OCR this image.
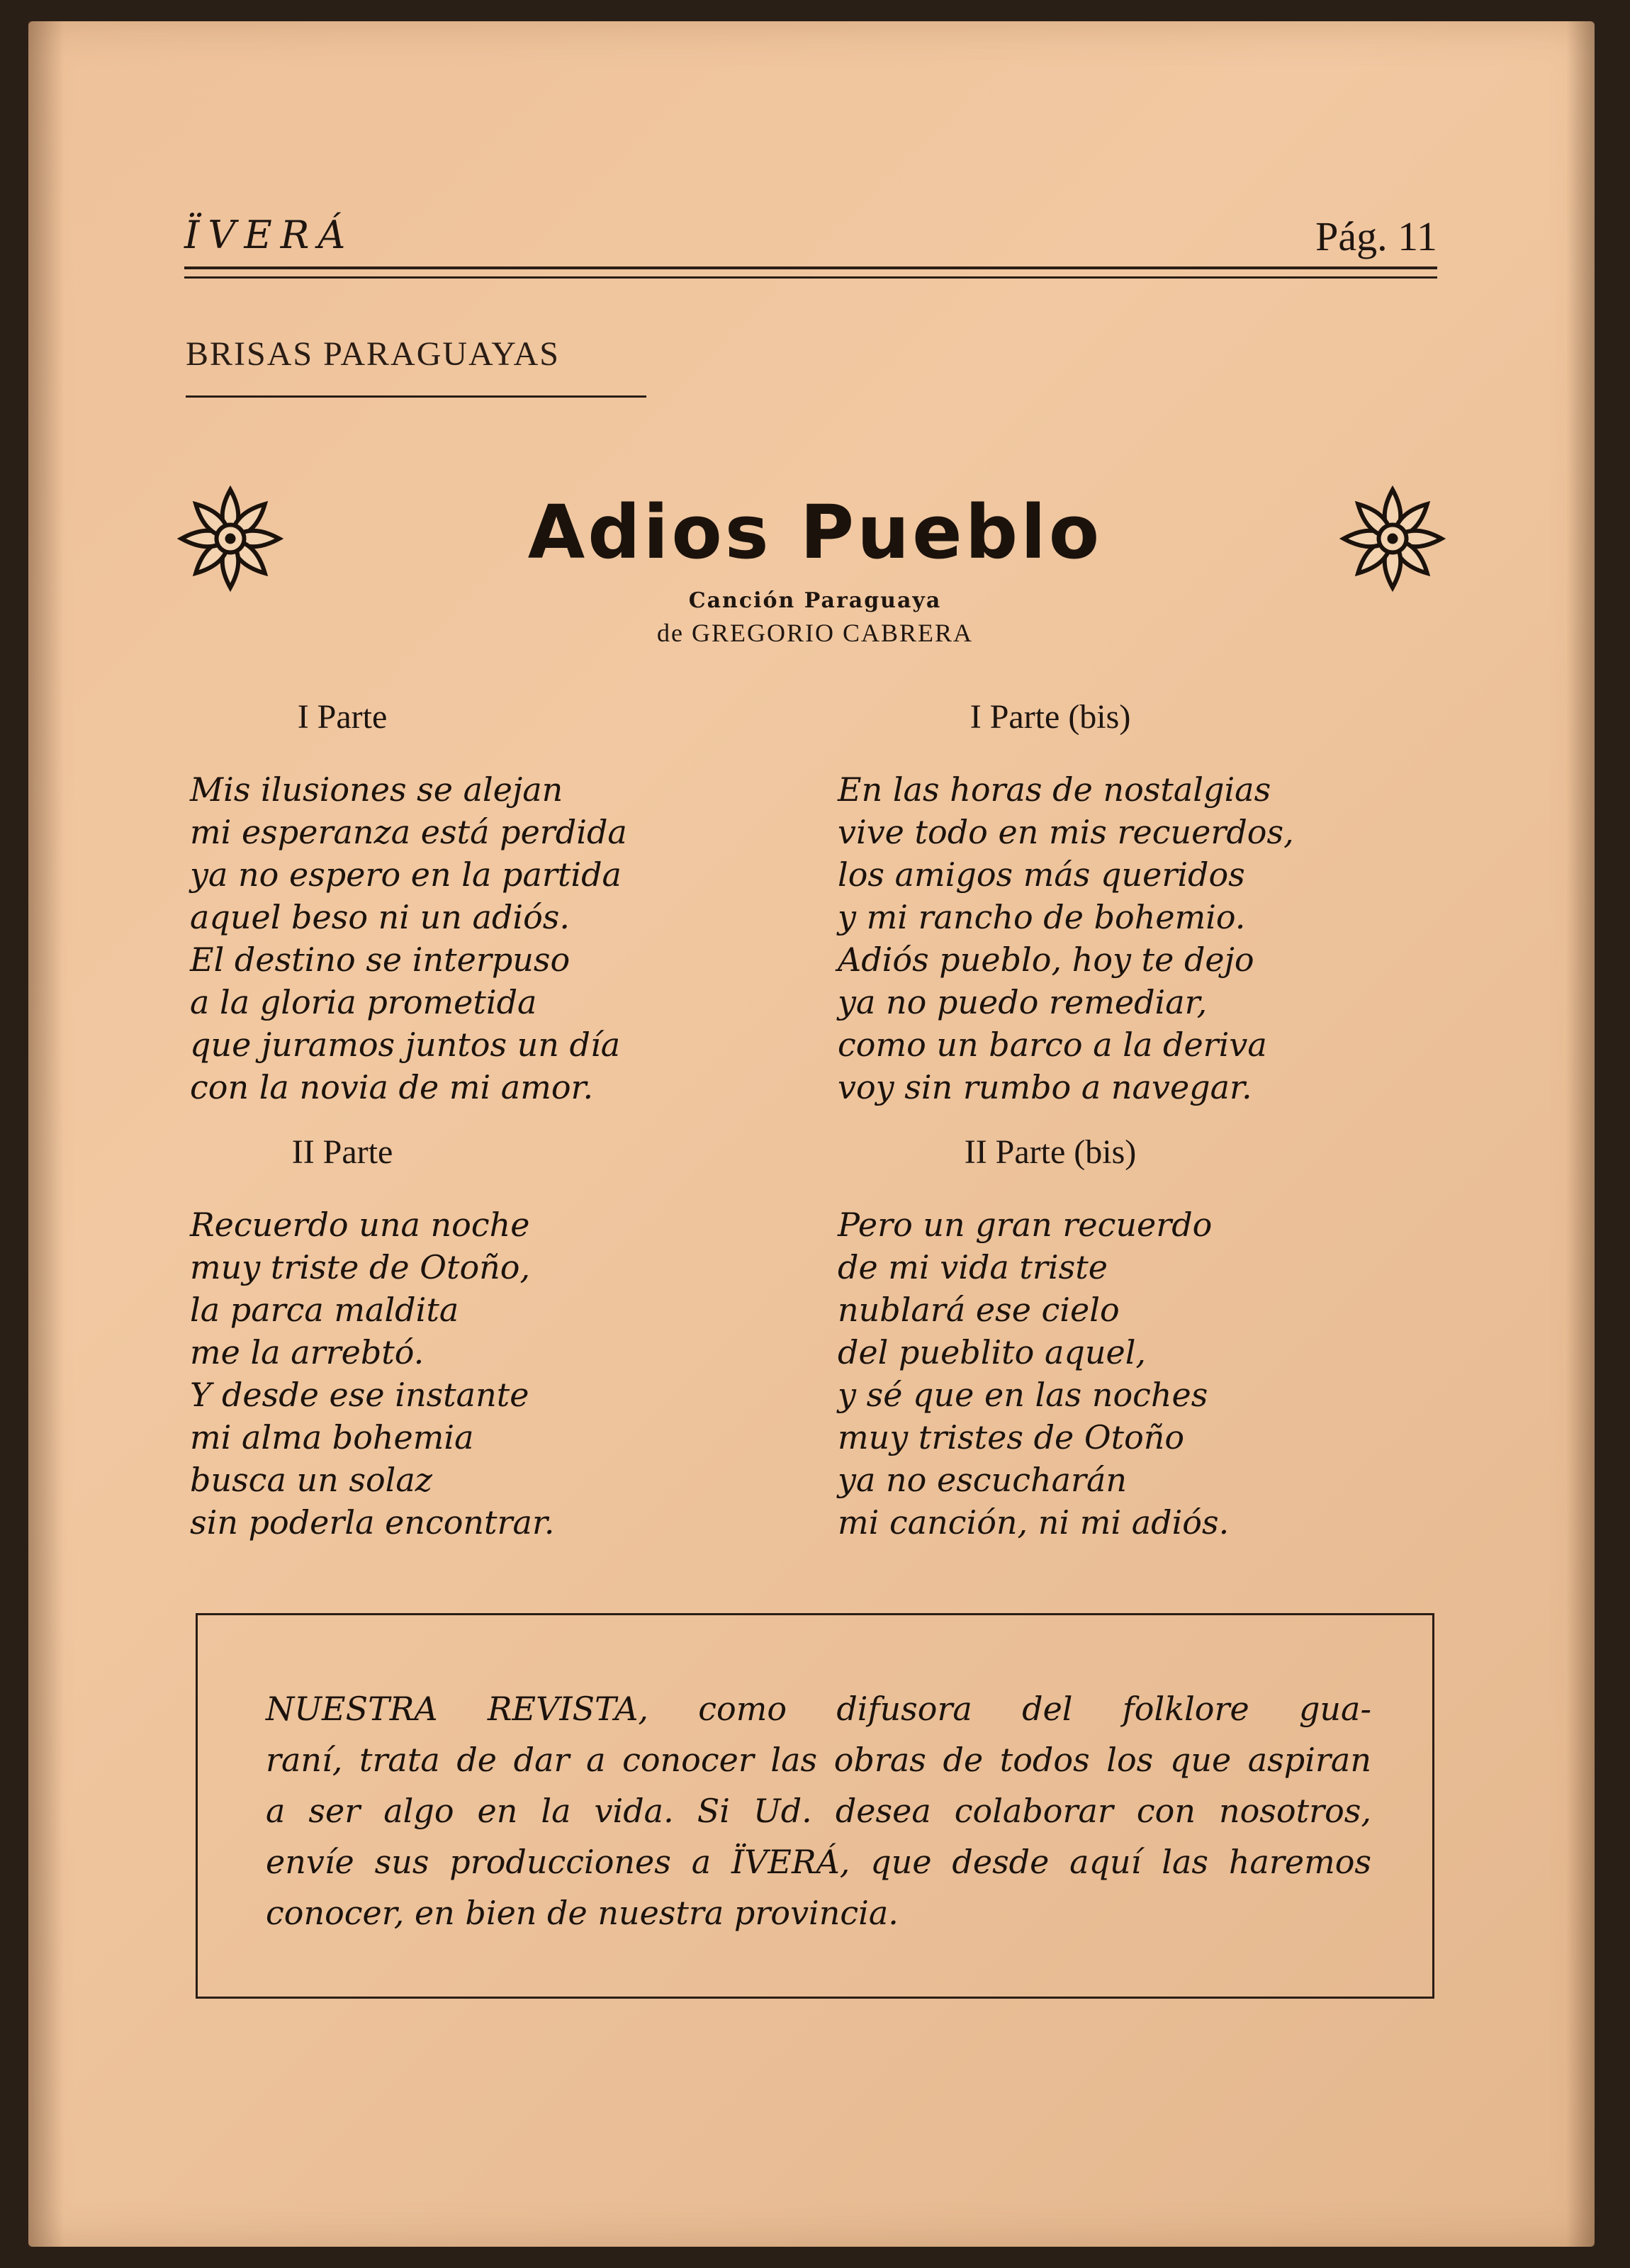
ÏVERÁ	Pág. 11
BRISAS PARAGUAYAS
Adios Pueblo
Canción Paraguaya
de GREGORIO CABRERA
I Parte
Mis ilusiones se alejan
mi esperanza está perdida
ya no espero en la partida
aquel beso ni un adiós.
El destino se interpuso
a la gloria prometida
que juramos juntos un día
con la novia de mi amor.
II Parte
Recuerdo una noche
muy triste de Otoño,
la parca maldita
me la arrebtó.
Y desde ese instante
mi alma bohemia
busca un solaz
sin poderla encontrar.
I Parte (bis)
En las horas de nostalgias
vive todo en mis recuerdos,
los amigos más queridos
y mi rancho de bohemio.
Adiós pueblo, hoy te dejo
ya no puedo remediar,
como un barco a la deriva
voy sin rumbo a navegar.
II Parte (bis)
Pero un gran recuerdo
de mi vida triste
nublará ese cielo
del pueblito aquel,
y sé que en las noches
muy tristes de Otoño
ya no escucharán
mi canción, ni mi adiós.
NUESTRA REVISTA, como difusora del folklore gua-
raní, trata de dar a conocer las obras de todos los que aspiran
a ser algo en la vida. Si Ud. desea colaborar con nosotros,
envíe sus producciones a ÏVERÁ, que desde aquí las haremos
conocer, en bien de nuestra provincia.
